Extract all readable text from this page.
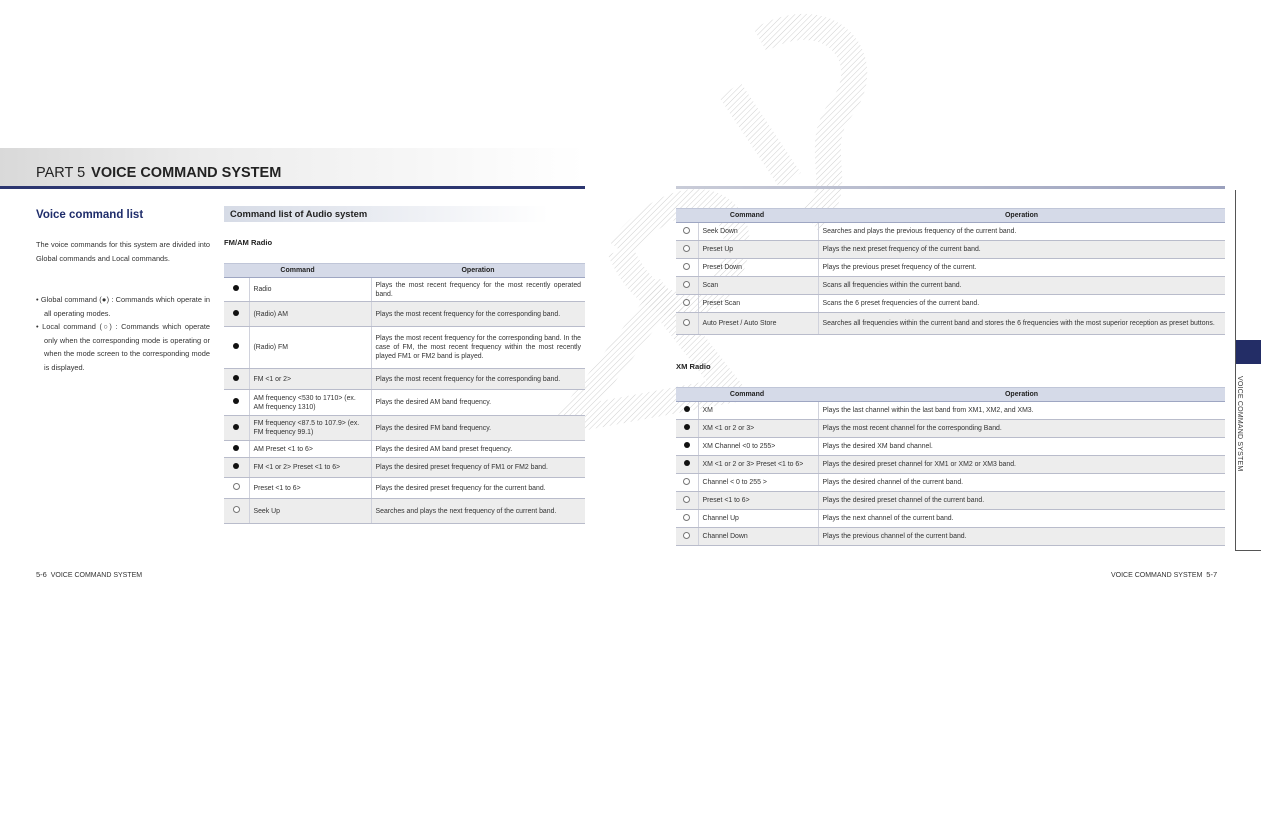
PART 5 VOICE COMMAND SYSTEM
Voice command list
The voice commands for this system are divided into Global commands and Local commands.
• Global command (●) : Commands which operate in all operating modes.
• Local command (○) : Commands which operate only when the corresponding mode is operating or when the mode screen to the corresponding mode is displayed.
Command list of Audio system
FM/AM Radio
XM Radio
Command		Operation
	Radio	Plays the most recent frequency for the most recently operated band.
	(Radio) AM	Plays the most recent frequency for the corresponding band.
	(Radio) FM	Plays the most recent frequency for the corresponding band. In the case of FM, the most recent frequency within the most recently played FM1 or FM2 band is played.
	FM <1 or 2>	Plays the most recent frequency for the corresponding band.
	AM frequency <530 to 1710> (ex. AM frequency 1310)	Plays the desired AM band frequency.
	FM frequency <87.5 to 107.9> (ex. FM frequency 99.1)	Plays the desired FM band frequency.
	AM Preset <1 to 6>	Plays the desired AM band preset frequency.
	FM <1 or 2> Preset <1 to 6>	Plays the desired preset frequency of FM1 or FM2 band.
	Preset <1 to 6>	Plays the desired preset frequency for the current band.
	Seek Up	Searches and plays the next frequency of the current band.
Command		Operation
	Seek Down	Searches and plays the previous frequency of the current band.
	Preset Up	Plays the next preset frequency of the current band.
	Preset Down	Plays the previous preset frequency of the current.
	Scan	Scans all frequencies within the current band.
	Preset Scan	Scans the 6 preset frequencies of the current band.
	Auto Preset / Auto Store	Searches all frequencies within the current band and stores the 6 frequencies with the most superior reception as preset buttons.
Command		Operation
	XM	Plays the last channel within the last band from XM1, XM2, and XM3.
	XM <1 or 2 or 3>	Plays the most recent channel for the corresponding Band.
	XM Channel <0 to 255>	Plays the desired XM band channel.
	XM <1 or 2 or 3> Preset <1 to 6>	Plays the desired preset channel for XM1 or XM2 or XM3 band.
	Channel < 0 to 255 >	Plays the desired channel of the current band.
	Preset <1 to 6>	Plays the desired preset channel of the current band.
	Channel Up	Plays the next channel of the current band.
	Channel Down	Plays the previous channel of the current band.
5-6 VOICE COMMAND SYSTEM	VOICE COMMAND SYSTEM 5-7
VOICE COMMAND SYSTEM
